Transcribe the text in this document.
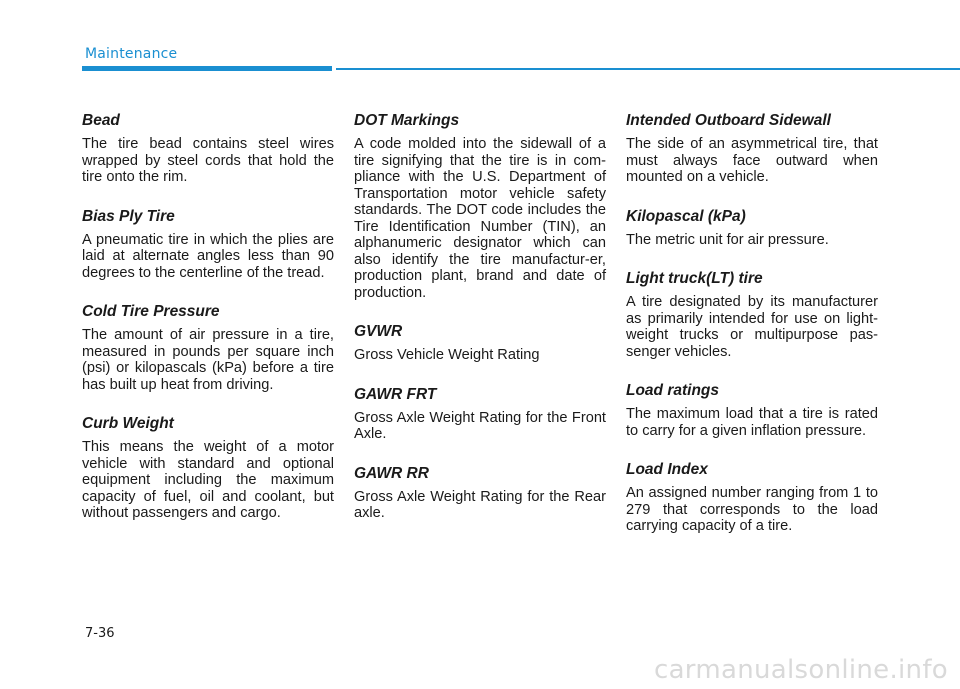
Maintenance
Bead

The tire bead contains steel wires wrapped by steel cords that hold the tire onto the rim.

Bias Ply Tire

A pneumatic tire in which the plies are laid at alternate angles less than 90 degrees to the centerline of the tread.

Cold Tire Pressure

The amount of air pressure in a tire, measured in pounds per square inch (psi) or kilopascals (kPa) before a tire has built up heat from driving.

Curb Weight

This means the weight of a motor vehicle with standard and optional equipment including the maximum capacity of fuel, oil and coolant, but without passengers and cargo.

DOT Markings

A code molded into the sidewall of a tire signifying that the tire is in com-pliance with the U.S. Department of Transportation motor vehicle safety standards. The DOT code includes the Tire Identification Number (TIN), an alphanumeric designator which can also identify the tire manufactur-er, production plant, brand and date of production.

GVWR

Gross Vehicle Weight Rating

GAWR FRT

Gross Axle Weight Rating for the Front Axle.

GAWR RR

Gross Axle Weight Rating for the Rear axle.

Intended Outboard Sidewall

The side of an asymmetrical tire, that must always face outward when mounted on a vehicle.

Kilopascal (kPa)

The metric unit for air pressure.

Light truck(LT) tire

A tire designated by its manufacturer as primarily intended for use on light-weight trucks or multipurpose pas-senger vehicles.

Load ratings

The maximum load that a tire is rated to carry for a given inflation pressure.

Load Index

An assigned number ranging from 1 to 279 that corresponds to the load carrying capacity of a tire.

7-36
carmanualsonline.info
